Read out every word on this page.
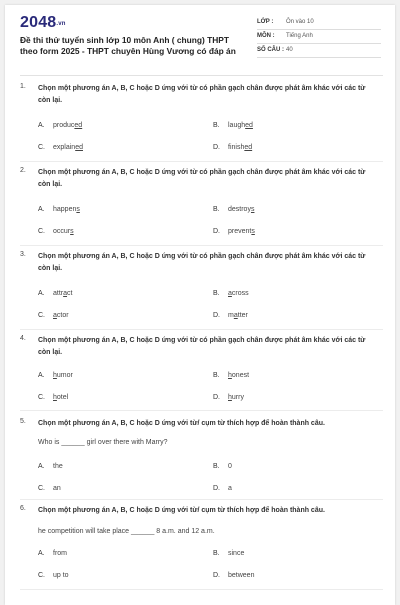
2048.vn
Đề thi thử tuyển sinh lớp 10 môn Anh ( chung) THPT theo form 2025 - THPT chuyên Hùng Vương có đáp án
LỚP : Ôn vào 10
MÔN : Tiếng Anh
SỐ CÂU : 40
1. Chọn một phương án A, B, C hoặc D ứng với từ có phần gạch chân được phát âm khác với các từ còn lại.
A. produced	B. laughed
C. explained	D. finished
2. Chọn một phương án A, B, C hoặc D ứng với từ có phần gạch chân được phát âm khác với các từ còn lại.
A. happens	B. destroys
C. occurs	D. prevents
3. Chọn một phương án A, B, C hoặc D ứng với từ có phần gạch chân được phát âm khác với các từ còn lại.
A. attract	B. across
C. actor	D. matter
4. Chọn một phương án A, B, C hoặc D ứng với từ có phần gạch chân được phát âm khác với các từ còn lại.
A. humor	B. honest
C. hotel	D. hurry
5. Chọn một phương án A, B, C hoặc D ứng với từ/ cụm từ thích hợp để hoàn thành câu.
Who is ______ girl over there with Marry?
A. the	B. 0
C. an	D. a
6. Chọn một phương án A, B, C hoặc D ứng với từ/ cụm từ thích hợp để hoàn thành câu.
he competition will take place ______ 8 a.m. and 12 a.m.
A. from	B. since
C. up to	D. between
